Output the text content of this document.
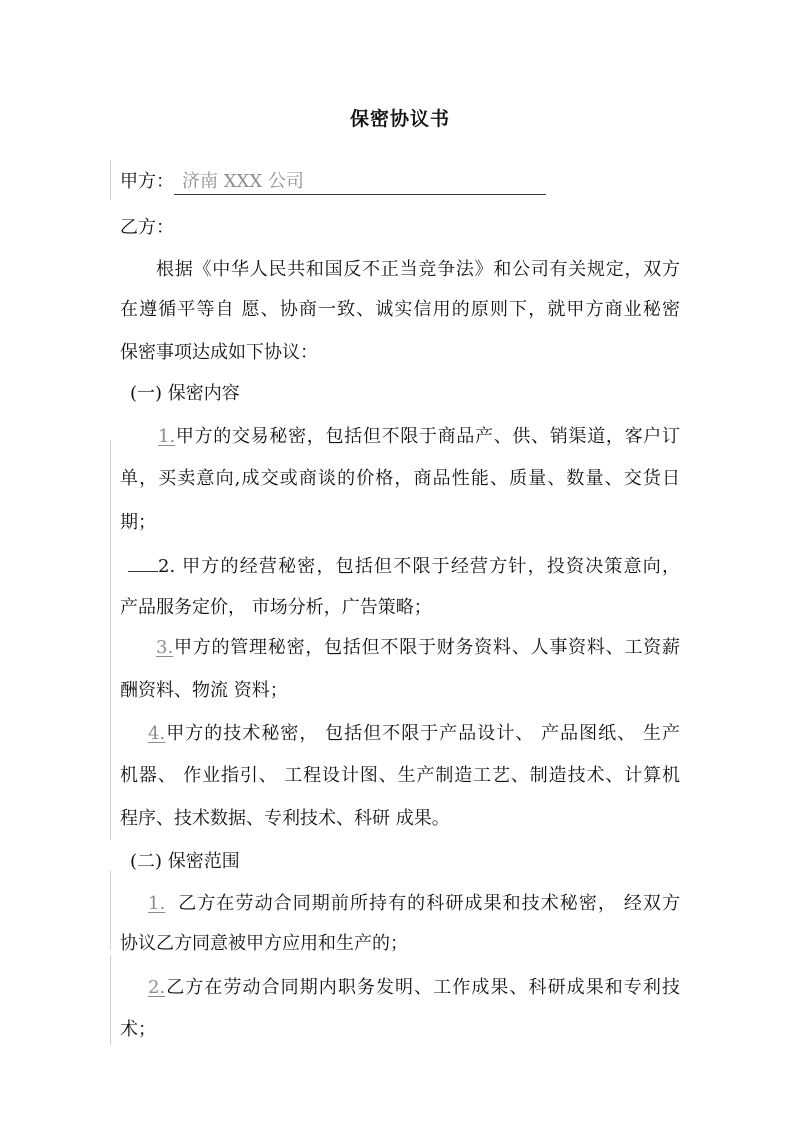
保密协议书
甲方： 济南 XXX 公司
乙方：
根据《中华人民共和国反不正当竞争法》和公司有关规定，双方
在遵循平等自 愿、协商一致、诚实信用的原则下，就甲方商业秘密
保密事项达成如下协议：
(一) 保密内容
1.甲方的交易秘密，包括但不限于商品产、供、销渠道，客户订
单，买卖意向,成交或商谈的价格，商品性能、质量、数量、交货日
期；
2. 甲方的经营秘密，包括但不限于经营方针，投资决策意向，
产品服务定价， 市场分析，广告策略；
3.甲方的管理秘密，包括但不限于财务资料、人事资料、工资薪
酬资料、物流 资料；
4.甲方的技术秘密， 包括但不限于产品设计、 产品图纸、 生产
机器、 作业指引、 工程设计图、生产制造工艺、制造技术、计算机
程序、技术数据、专利技术、科研 成果。
(二) 保密范围
1. 乙方在劳动合同期前所持有的科研成果和技术秘密， 经双方
协议乙方同意被甲方应用和生产的；
2.乙方在劳动合同期内职务发明、工作成果、科研成果和专利技
术；
